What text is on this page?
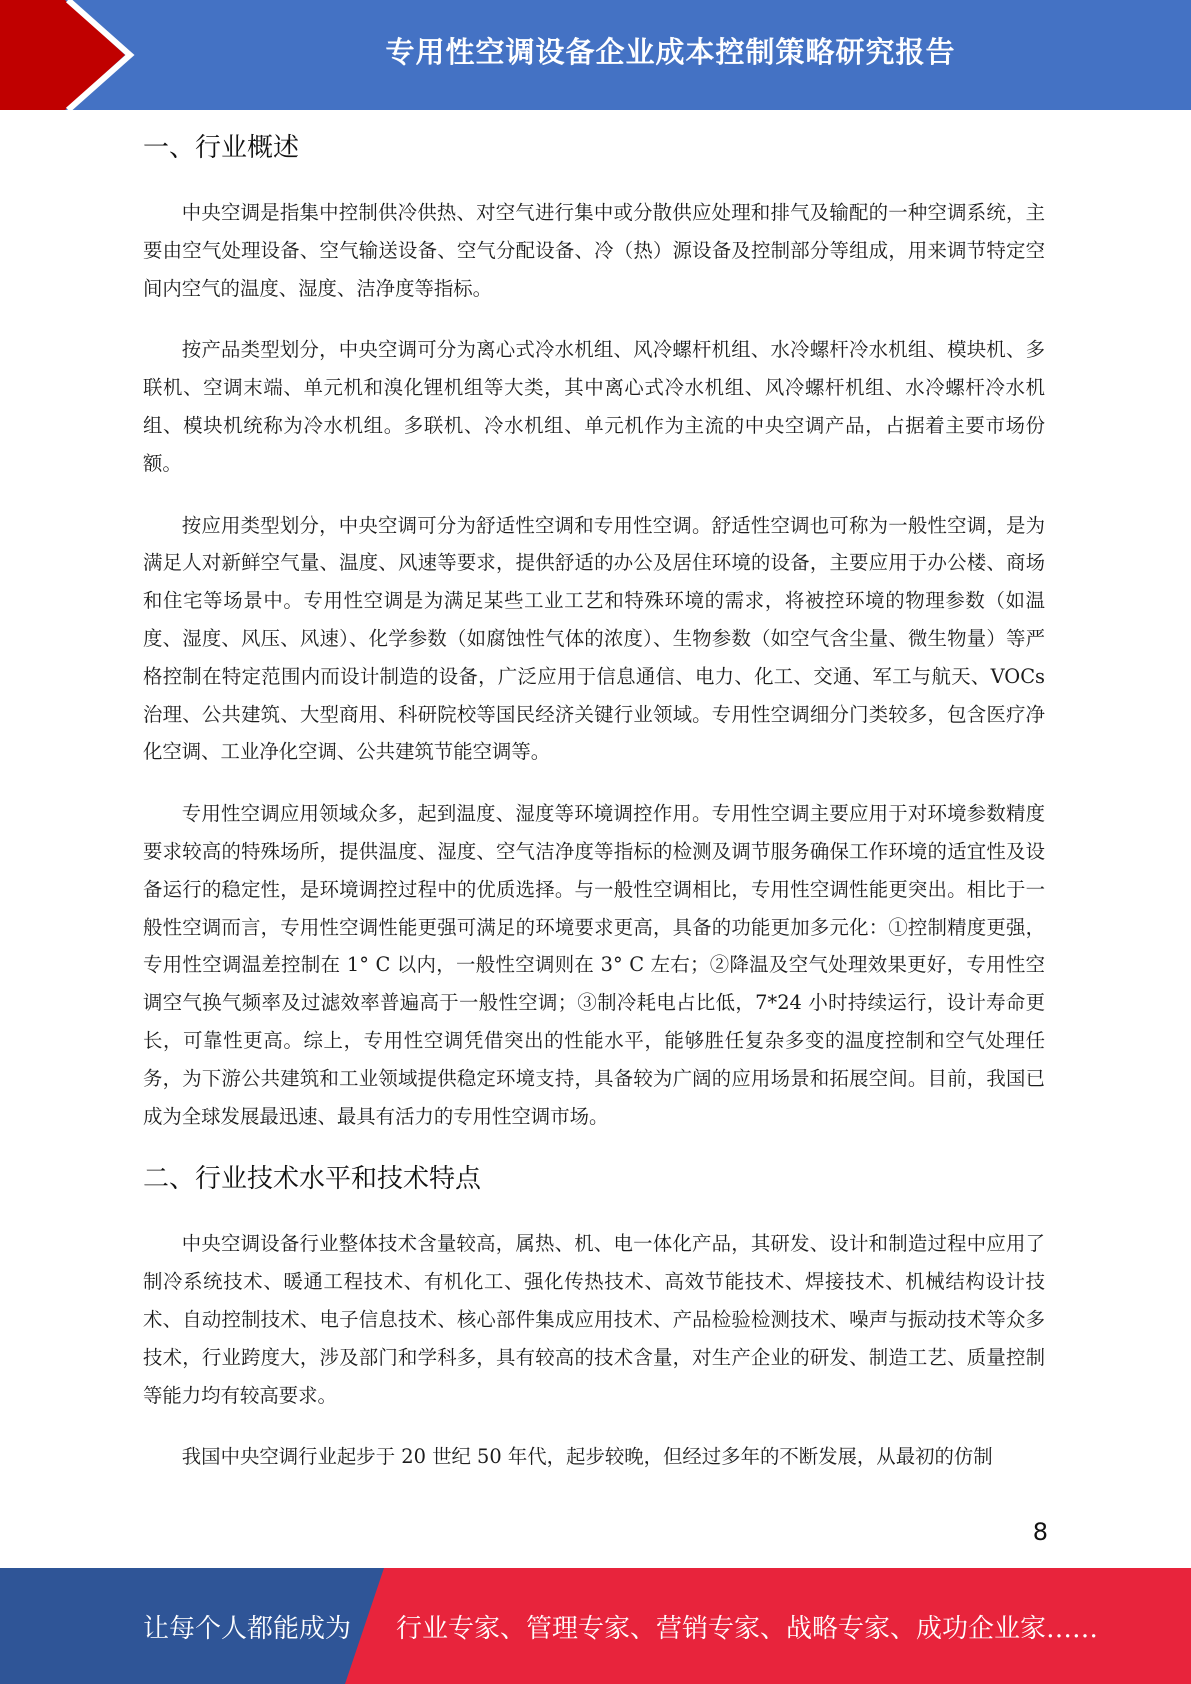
专用性空调设备企业成本控制策略研究报告
一、行业概述

中央空调是指集中控制供冷供热、对空气进行集中或分散供应处理和排气及输配的一种空调系统，主要由空气处理设备、空气输送设备、空气分配设备、冷（热）源设备及控制部分等组成，用来调节特定空间内空气的温度、湿度、洁净度等指标。

按产品类型划分，中央空调可分为离心式冷水机组、风冷螺杆机组、水冷螺杆冷水机组、模块机、多联机、空调末端、单元机和溴化锂机组等大类，其中离心式冷水机组、风冷螺杆机组、水冷螺杆冷水机组、模块机统称为冷水机组。多联机、冷水机组、单元机作为主流的中央空调产品，占据着主要市场份额。

按应用类型划分，中央空调可分为舒适性空调和专用性空调。舒适性空调也可称为一般性空调，是为满足人对新鲜空气量、温度、风速等要求，提供舒适的办公及居住环境的设备，主要应用于办公楼、商场和住宅等场景中。专用性空调是为满足某些工业工艺和特殊环境的需求，将被控环境的物理参数（如温度、湿度、风压、风速）、化学参数（如腐蚀性气体的浓度）、生物参数（如空气含尘量、微生物量）等严格控制在特定范围内而设计制造的设备，广泛应用于信息通信、电力、化工、交通、军工与航天、VOCs 治理、公共建筑、大型商用、科研院校等国民经济关键行业领域。专用性空调细分门类较多，包含医疗净化空调、工业净化空调、公共建筑节能空调等。

专用性空调应用领域众多，起到温度、湿度等环境调控作用。专用性空调主要应用于对环境参数精度要求较高的特殊场所，提供温度、湿度、空气洁净度等指标的检测及调节服务确保工作环境的适宜性及设备运行的稳定性，是环境调控过程中的优质选择。与一般性空调相比，专用性空调性能更突出。相比于一般性空调而言，专用性空调性能更强可满足的环境要求更高，具备的功能更加多元化：①控制精度更强，专用性空调温差控制在 1° C 以内，一般性空调则在 3° C 左右；②降温及空气处理效果更好，专用性空调空气换气频率及过滤效率普遍高于一般性空调；③制冷耗电占比低，7*24 小时持续运行，设计寿命更长，可靠性更高。综上，专用性空调凭借突出的性能水平，能够胜任复杂多变的温度控制和空气处理任务，为下游公共建筑和工业领域提供稳定环境支持，具备较为广阔的应用场景和拓展空间。目前，我国已成为全球发展最迅速、最具有活力的专用性空调市场。

二、行业技术水平和技术特点

中央空调设备行业整体技术含量较高，属热、机、电一体化产品，其研发、设计和制造过程中应用了制冷系统技术、暖通工程技术、有机化工、强化传热技术、高效节能技术、焊接技术、机械结构设计技术、自动控制技术、电子信息技术、核心部件集成应用技术、产品检验检测技术、噪声与振动技术等众多技术，行业跨度大，涉及部门和学科多，具有较高的技术含量，对生产企业的研发、制造工艺、质量控制等能力均有较高要求。

我国中央空调行业起步于 20 世纪 50 年代，起步较晚，但经过多年的不断发展，从最初的仿制

8
让每个人都能成为 行业专家、管理专家、营销专家、战略专家、成功企业家……
